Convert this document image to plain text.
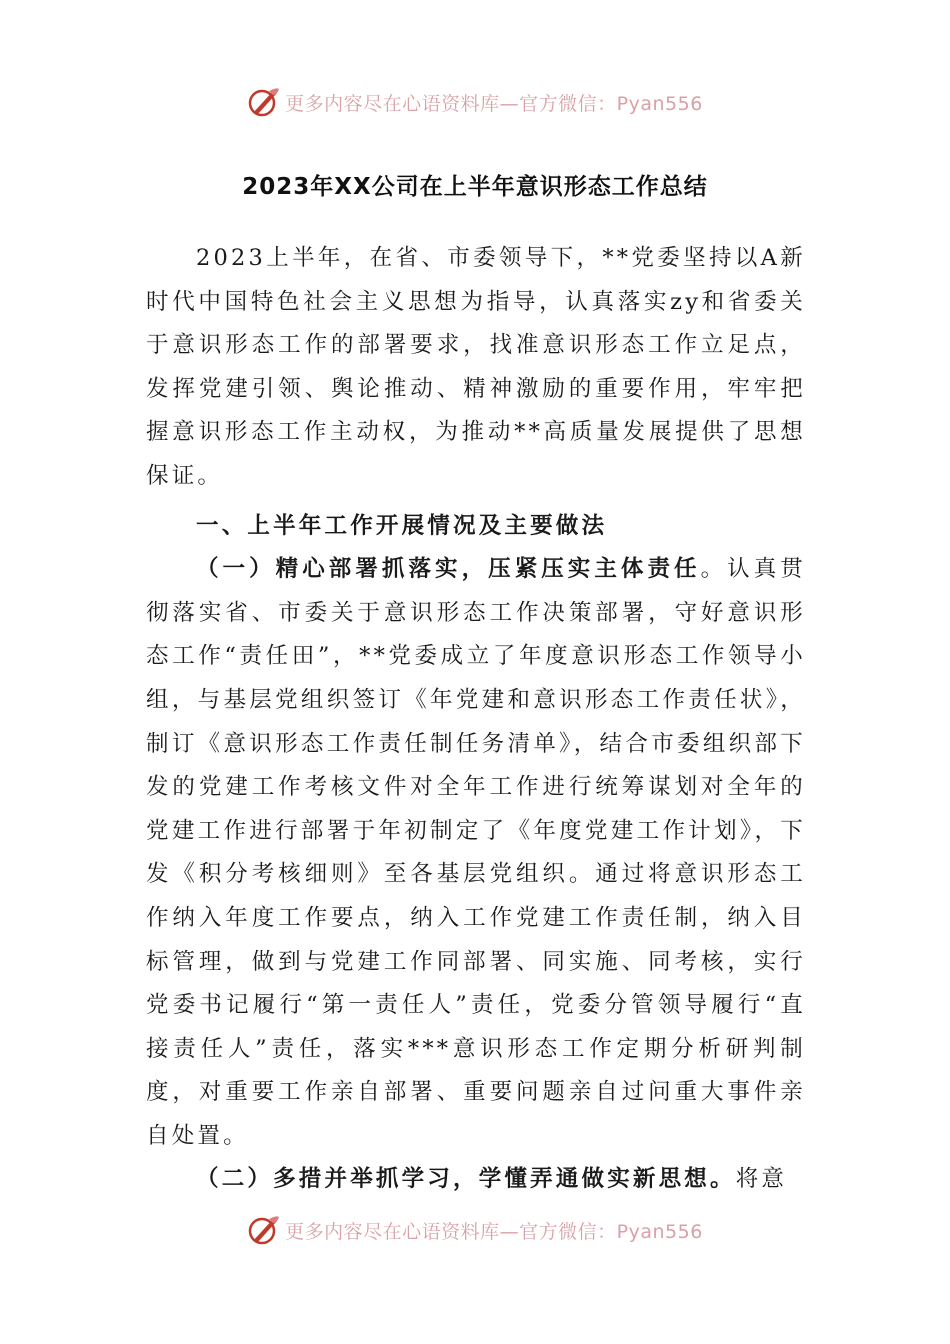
更多内容尽在心语资料库—官方微信：Pyan556
2023年XX公司在上半年意识形态工作总结

2023上半年，在省、市委领导下，**党委坚持以A新时代中国特色社会主义思想为指导，认真落实zy和省委关于意识形态工作的部署要求，找准意识形态工作立足点，发挥党建引领、舆论推动、精神激励的重要作用，牢牢把握意识形态工作主动权，为推动**高质量发展提供了思想保证。

一、上半年工作开展情况及主要做法

（一）精心部署抓落实，压紧压实主体责任。认真贯彻落实省、市委关于意识形态工作决策部署，守好意识形态工作“责任田”，**党委成立了年度意识形态工作领导小组，与基层党组织签订《年党建和意识形态工作责任状》，制订《意识形态工作责任制任务清单》，结合市委组织部下发的党建工作考核文件对全年工作进行统筹谋划对全年的党建工作进行部署于年初制定了《年度党建工作计划》，下发《积分考核细则》至各基层党组织。通过将意识形态工作纳入年度工作要点，纳入工作党建工作责任制，纳入目标管理，做到与党建工作同部署、同实施、同考核，实行党委书记履行“第一责任人”责任，党委分管领导履行“直接责任人”责任，落实***意识形态工作定期分析研判制度，对重要工作亲自部署、重要问题亲自过问重大事件亲自处置。

（二）多措并举抓学习，学懂弄通做实新思想。将意

更多内容尽在心语资料库—官方微信：Pyan556
